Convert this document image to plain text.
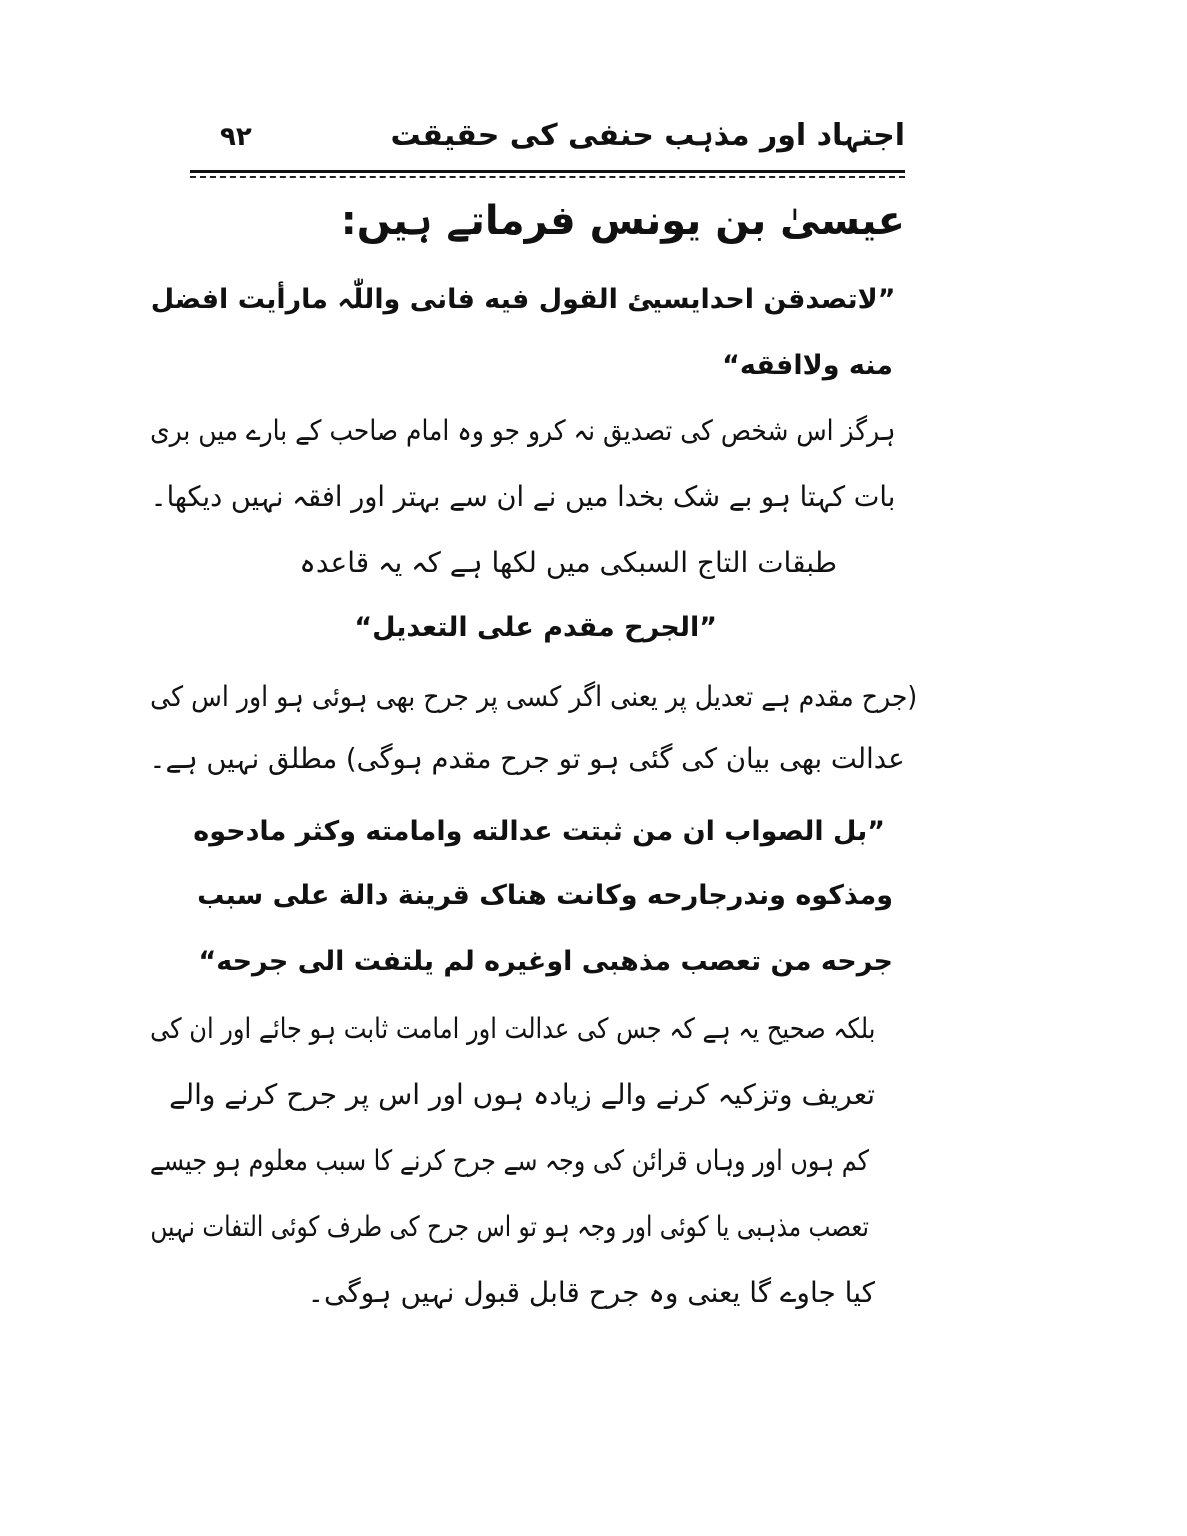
اجتہاد اور مذہب حنفی کی حقیقت
۹۲
عیسیٰ بن یونس فرماتے ہیں:
”لاتصدقن احدایسیئ القول فیه فانی واللّٰہ مارأیت افضل
منه ولاافقه“
ہرگز اس شخص کی تصدیق نہ کرو جو وہ امام صاحب کے بارے میں بری
بات کہتا ہو بے شک بخدا میں نے ان سے بہتر اور افقہ نہیں دیکھا۔
طبقات التاج السبکی میں لکھا ہے کہ یہ قاعدہ
”الجرح مقدم علی التعدیل“
(جرح مقدم ہے تعدیل پر یعنی اگر کسی پر جرح بھی ہوئی ہو اور اس کی
عدالت بھی بیان کی گئی ہو تو جرح مقدم ہوگی) مطلق نہیں ہے۔
”بل الصواب ان من ثبتت عدالته وامامته وکثر مادحوه
ومذکوه وندرجارحه وکانت هناک قرینة دالة علی سبب
جرحه من تعصب مذهبی اوغیره لم یلتفت الی جرحه“
بلکہ صحیح یہ ہے کہ جس کی عدالت اور امامت ثابت ہو جائے اور ان کی
تعریف وتزکیہ کرنے والے زیادہ ہوں اور اس پر جرح کرنے والے
کم ہوں اور وہاں قرائن کی وجہ سے جرح کرنے کا سبب معلوم ہو جیسے
تعصب مذہبی یا کوئی اور وجہ ہو تو اس جرح کی طرف کوئی التفات نہیں
کیا جاوے گا یعنی وہ جرح قابل قبول نہیں ہوگی۔
